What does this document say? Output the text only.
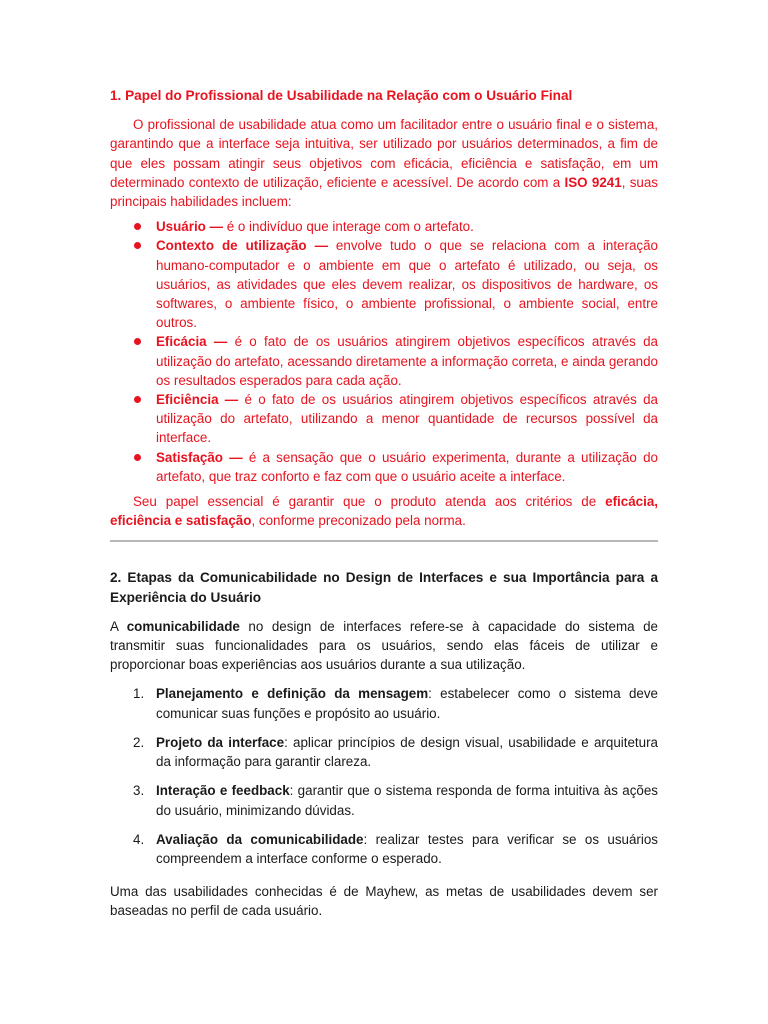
1. Papel do Profissional de Usabilidade na Relação com o Usuário Final

O profissional de usabilidade atua como um facilitador entre o usuário final e o sistema, garantindo que a interface seja intuitiva, ser utilizado por usuários determinados, a fim de que eles possam atingir seus objetivos com eficácia, eficiência e satisfação, em um determinado contexto de utilização, eficiente e acessível. De acordo com a ISO 9241, suas principais habilidades incluem:

Usuário — é o indivíduo que interage com o artefato.
Contexto de utilização — envolve tudo o que se relaciona com a interação humano-computador e o ambiente em que o artefato é utilizado, ou seja, os usuários, as atividades que eles devem realizar, os dispositivos de hardware, os softwares, o ambiente físico, o ambiente profissional, o ambiente social, entre outros.
Eficácia — é o fato de os usuários atingirem objetivos específicos através da utilização do artefato, acessando diretamente a informação correta, e ainda gerando os resultados esperados para cada ação.
Eficiência — é o fato de os usuários atingirem objetivos específicos através da utilização do artefato, utilizando a menor quantidade de recursos possível da interface.
Satisfação — é a sensação que o usuário experimenta, durante a utilização do artefato, que traz conforto e faz com que o usuário aceite a interface.

Seu papel essencial é garantir que o produto atenda aos critérios de eficácia, eficiência e satisfação, conforme preconizado pela norma.

2. Etapas da Comunicabilidade no Design de Interfaces e sua Importância para a Experiência do Usuário

A comunicabilidade no design de interfaces refere-se à capacidade do sistema de transmitir suas funcionalidades para os usuários, sendo elas fáceis de utilizar e proporcionar boas experiências aos usuários durante a sua utilização.

1. Planejamento e definição da mensagem: estabelecer como o sistema deve comunicar suas funções e propósito ao usuário.
2. Projeto da interface: aplicar princípios de design visual, usabilidade e arquitetura da informação para garantir clareza.
3. Interação e feedback: garantir que o sistema responda de forma intuitiva às ações do usuário, minimizando dúvidas.
4. Avaliação da comunicabilidade: realizar testes para verificar se os usuários compreendem a interface conforme o esperado.

Uma das usabilidades conhecidas é de Mayhew, as metas de usabilidades devem ser baseadas no perfil de cada usuário.
